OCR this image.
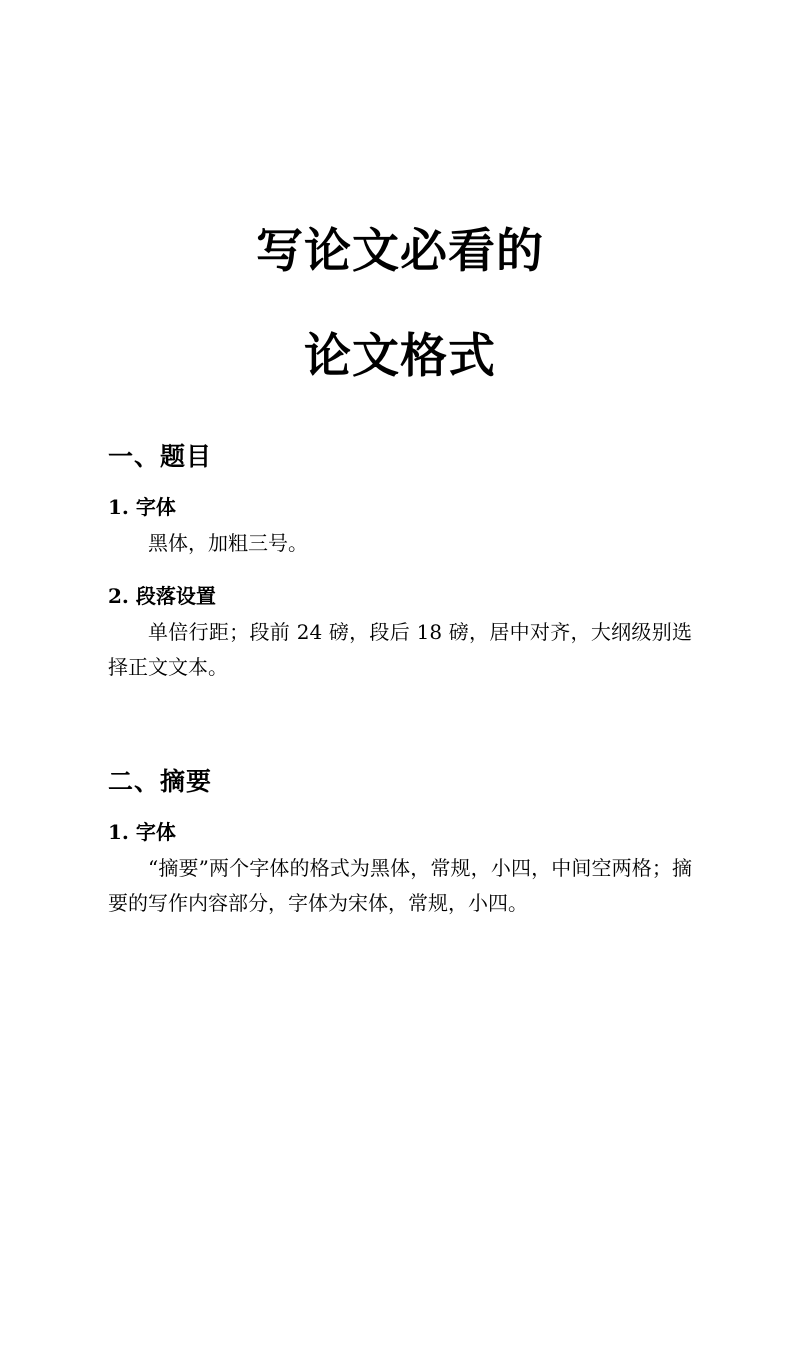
写论文必看的
论文格式
一、题目
1. 字体
黑体，加粗三号。
2. 段落设置
单倍行距；段前 24 磅，段后 18 磅，居中对齐，大纲级别选择正文文本。
二、摘要
1. 字体
“摘要”两个字体的格式为黑体，常规，小四，中间空两格；摘要的写作内容部分，字体为宋体，常规，小四。
